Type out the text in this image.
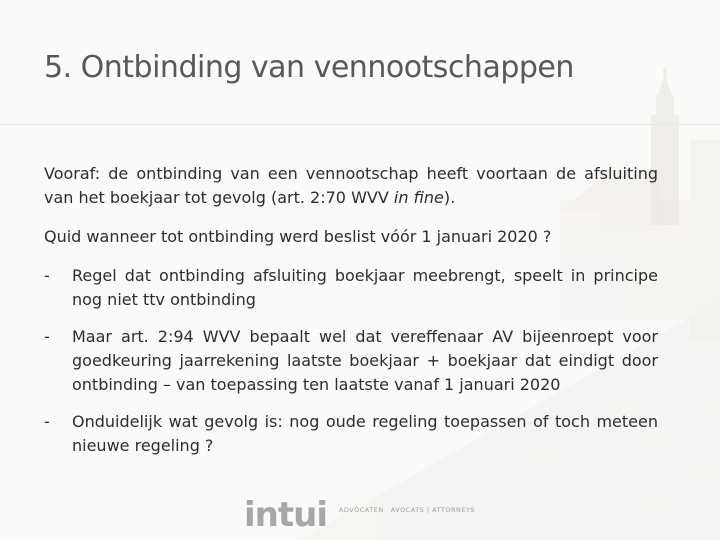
5. Ontbinding van vennootschappen

Vooraf: de ontbinding van een vennootschap heeft voortaan de afsluiting van het boekjaar tot gevolg (art. 2:70 WVV in fine).

Quid wanneer tot ontbinding werd beslist vóór 1 januari 2020 ?

-	Regel dat ontbinding afsluiting boekjaar meebrengt, speelt in principe nog niet ttv ontbinding
-	Maar art. 2:94 WVV bepaalt wel dat vereffenaar AV bijeenroept voor goedkeuring jaarrekening laatste boekjaar + boekjaar dat eindigt door ontbinding – van toepassing ten laatste vanaf 1 januari 2020
-	Onduidelijk wat gevolg is: nog oude regeling toepassen of toch meteen nieuwe regeling ?
intui ADVOCATEN AVOCATS | ATTORNEYS
